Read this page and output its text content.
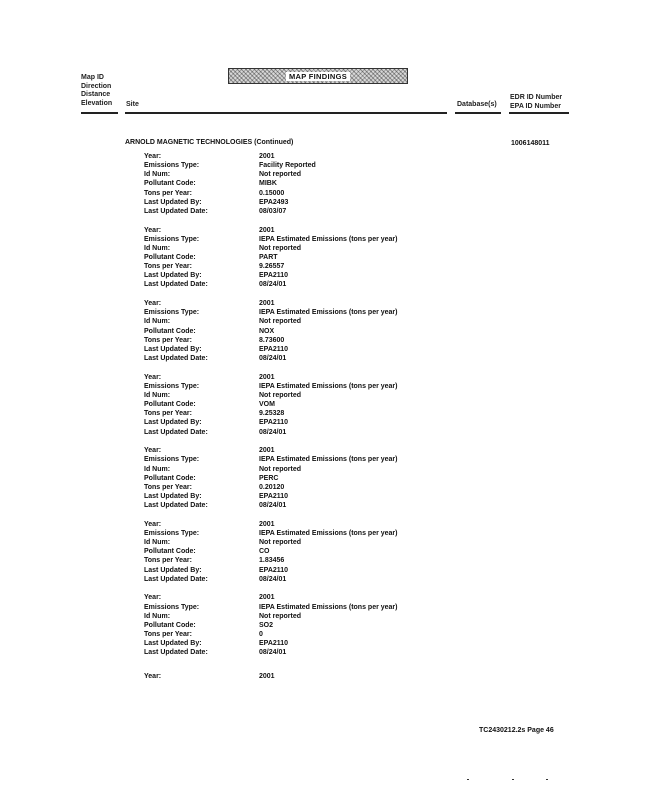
Map ID
Direction
Distance
Elevation Site
MAP FINDINGS
Database(s)
EDR ID Number
EPA ID Number
ARNOLD MAGNETIC TECHNOLOGIES (Continued)	1006148011
Year:	2001
Emissions Type:	Facility Reported
Id Num:	Not reported
Pollutant Code:	MIBK
Tons per Year:	0.15000
Last Updated By:	EPA2493
Last Updated Date:	08/03/07
Year:	2001
Emissions Type:	IEPA Estimated Emissions (tons per year)
Id Num:	Not reported
Pollutant Code:	PART
Tons per Year:	9.26557
Last Updated By:	EPA2110
Last Updated Date:	08/24/01
Year:	2001
Emissions Type:	IEPA Estimated Emissions (tons per year)
Id Num:	Not reported
Pollutant Code:	NOX
Tons per Year:	8.73600
Last Updated By:	EPA2110
Last Updated Date:	08/24/01
Year:	2001
Emissions Type:	IEPA Estimated Emissions (tons per year)
Id Num:	Not reported
Pollutant Code:	VOM
Tons per Year:	9.25328
Last Updated By:	EPA2110
Last Updated Date:	08/24/01
Year:	2001
Emissions Type:	IEPA Estimated Emissions (tons per year)
Id Num:	Not reported
Pollutant Code:	PERC
Tons per Year:	0.20120
Last Updated By:	EPA2110
Last Updated Date:	08/24/01
Year:	2001
Emissions Type:	IEPA Estimated Emissions (tons per year)
Id Num:	Not reported
Pollutant Code:	CO
Tons per Year:	1.83456
Last Updated By:	EPA2110
Last Updated Date:	08/24/01
Year:	2001
Emissions Type:	IEPA Estimated Emissions (tons per year)
Id Num:	Not reported
Pollutant Code:	SO2
Tons per Year:	0
Last Updated By:	EPA2110
Last Updated Date:	08/24/01
Year:	2001
TC2430212.2s Page 46
